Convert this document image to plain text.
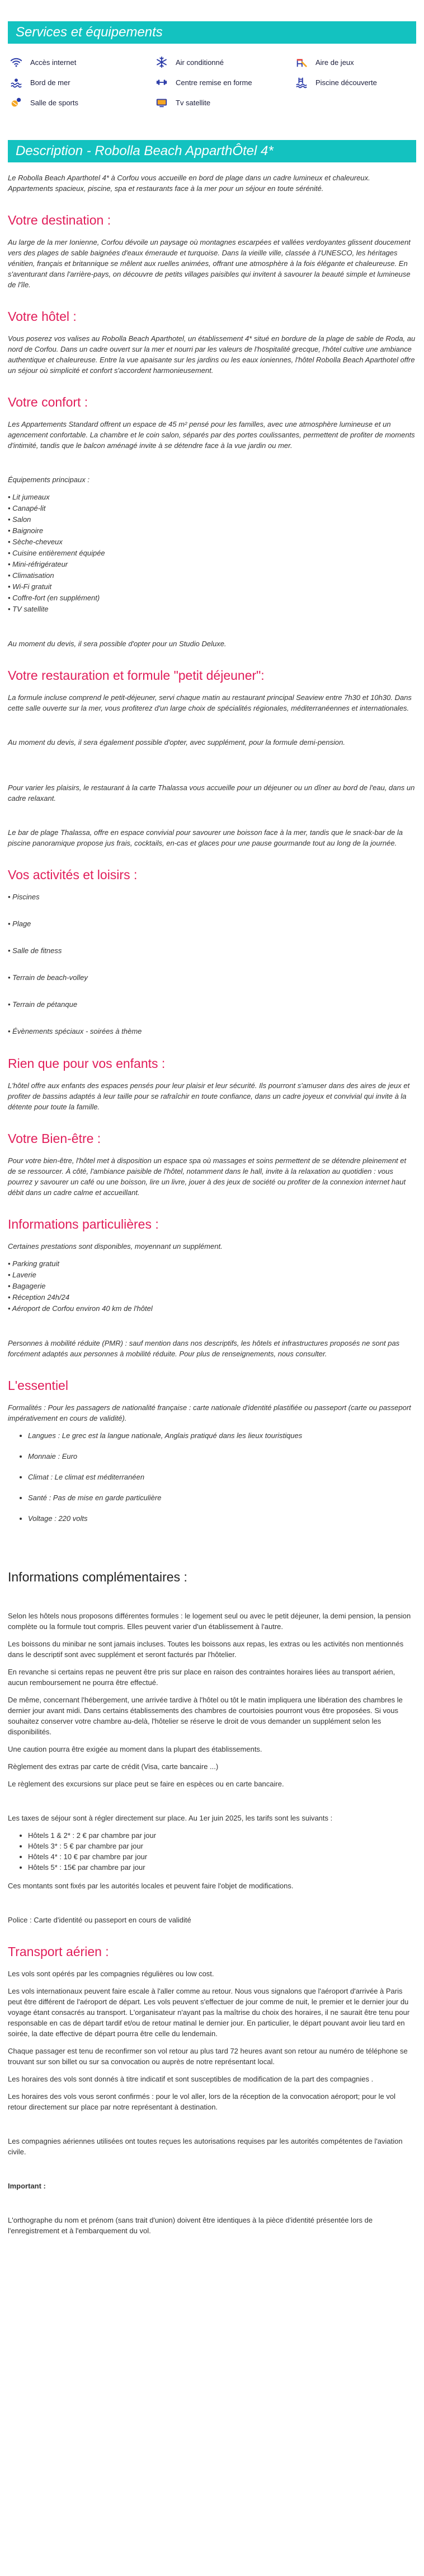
Services et équipements
Accès internet	Air conditionné	Aire de jeux
Bord de mer	Centre remise en forme	Piscine découverte
Salle de sports	Tv satellite
Description - Robolla Beach ApparthÔtel 4*

Le Robolla Beach Aparthotel 4* à Corfou vous accueille en bord de plage dans un cadre lumineux et chaleureux. Appartements spacieux, piscine, spa et restaurants face à la mer pour un séjour en toute sérénité.

Votre destination :

Au large de la mer Ionienne, Corfou dévoile un paysage où montagnes escarpées et vallées verdoyantes glissent doucement vers des plages de sable baignées d'eaux émeraude et turquoise. Dans la vieille ville, classée à l'UNESCO, les héritages vénitien, français et britannique se mêlent aux ruelles animées, offrant une atmosphère à la fois élégante et chaleureuse. En s'aventurant dans l'arrière-pays, on découvre de petits villages paisibles qui invitent à savourer la beauté simple et lumineuse de l'île.

Votre hôtel :

Vous poserez vos valises au Robolla Beach Aparthotel, un établissement 4* situé en bordure de la plage de sable de Roda, au nord de Corfou. Dans un cadre ouvert sur la mer et nourri par les valeurs de l'hospitalité grecque, l'hôtel cultive une ambiance authentique et chaleureuse. Entre la vue apaisante sur les jardins ou les eaux ioniennes, l'hôtel Robolla Beach Aparthotel offre un séjour où simplicité et confort s'accordent harmonieusement.

Votre confort :

Les Appartements Standard offrent un espace de 45 m² pensé pour les familles, avec une atmosphère lumineuse et un agencement confortable. La chambre et le coin salon, séparés par des portes coulissantes, permettent de profiter de moments d'intimité, tandis que le balcon aménagé invite à se détendre face à la vue jardin ou mer.

Équipements principaux :

• Lit jumeaux
• Canapé-lit
• Salon
• Baignoire
• Sèche-cheveux
• Cuisine entièrement équipée
• Mini-réfrigérateur
• Climatisation
• Wi-Fi gratuit
• Coffre-fort (en supplément)
• TV satellite

Au moment du devis, il sera possible d'opter pour un Studio Deluxe.

Votre restauration et formule "petit déjeuner":

La formule incluse comprend le petit-déjeuner, servi chaque matin au restaurant principal Seaview entre 7h30 et 10h30. Dans cette salle ouverte sur la mer, vous profiterez d'un large choix de spécialités régionales, méditerranéennes et internationales.

Au moment du devis, il sera également possible d'opter, avec supplément, pour la formule demi-pension.

Pour varier les plaisirs, le restaurant à la carte Thalassa vous accueille pour un déjeuner ou un dîner au bord de l'eau, dans un cadre relaxant.

Le bar de plage Thalassa, offre en espace convivial pour savourer une boisson face à la mer, tandis que le snack-bar de la piscine panoramique propose jus frais, cocktails, en-cas et glaces pour une pause gourmande tout au long de la journée.

Vos activités et loisirs :
• Piscines
• Plage
• Salle de fitness
• Terrain de beach-volley
• Terrain de pétanque
• Évènements spéciaux - soirées à thème
Rien que pour vos enfants :

L'hôtel offre aux enfants des espaces pensés pour leur plaisir et leur sécurité. Ils pourront s'amuser dans des aires de jeux et profiter de bassins adaptés à leur taille pour se rafraîchir en toute confiance, dans un cadre joyeux et convivial qui invite à la détente pour toute la famille.

Votre Bien-être :

Pour votre bien-être, l'hôtel met à disposition un espace spa où massages et soins permettent de se détendre pleinement et de se ressourcer. À côté, l'ambiance paisible de l'hôtel, notamment dans le hall, invite à la relaxation au quotidien : vous pourrez y savourer un café ou une boisson, lire un livre, jouer à des jeux de société ou profiter de la connexion internet haut débit dans un cadre calme et accueillant.

Informations particulières :

Certaines prestations sont disponibles, moyennant un supplément.

• Parking gratuit
• Laverie
• Bagagerie
• Réception 24h/24
• Aéroport de Corfou environ 40 km de l'hôtel

Personnes à mobilité réduite (PMR) : sauf mention dans nos descriptifs, les hôtels et infrastructures proposés ne sont pas forcément adaptés aux personnes à mobilité réduite. Pour plus de renseignements, nous consulter.

L'essentiel

Formalités : Pour les passagers de nationalité française : carte nationale d'identité plastifiée ou passeport (carte ou passeport impérativement en cours de validité).

• Langues : Le grec est la langue nationale, Anglais pratiqué dans les lieux touristiques
• Monnaie : Euro
• Climat : Le climat est méditerranéen
• Santé : Pas de mise en garde particulière
• Voltage : 220 volts
Informations complémentaires :

Selon les hôtels nous proposons différentes formules : le logement seul ou avec le petit déjeuner, la demi pension, la pension complète ou la formule tout compris. Elles peuvent varier d'un établissement à l'autre.

Les boissons du minibar ne sont jamais incluses. Toutes les boissons aux repas, les extras ou les activités non mentionnés dans le descriptif sont avec supplément et seront facturés par l'hôtelier.

En revanche si certains repas ne peuvent être pris sur place en raison des contraintes horaires liées au transport aérien, aucun remboursement ne pourra être effectué.

De même, concernant l'hébergement, une arrivée tardive à l'hôtel ou tôt le matin impliquera une libération des chambres le dernier jour avant midi. Dans certains établissements des chambres de courtoisies pourront vous être proposées. Si vous souhaitez conserver votre chambre au-delà, l'hôtelier se réserve le droit de vous demander un supplément selon les disponibilités.

Une caution pourra être exigée au moment dans la plupart des établissements.

Règlement des extras par carte de crédit (Visa, carte bancaire ...)

Le règlement des excursions sur place peut se faire en espèces ou en carte bancaire.

Les taxes de séjour sont à régler directement sur place. Au 1er juin 2025, les tarifs sont les suivants :

• Hôtels 1 & 2* : 2 € par chambre par jour
• Hôtels 3* : 5 € par chambre par jour
• Hôtels 4* : 10 € par chambre par jour
• Hôtels 5* : 15€ par chambre par jour

Ces montants sont fixés par les autorités locales et peuvent faire l'objet de modifications.

Police : Carte d'identité ou passeport en cours de validité

Transport aérien :

Les vols sont opérés par les compagnies régulières ou low cost.

Les vols internationaux peuvent faire escale à l'aller comme au retour. Nous vous signalons que l'aéroport d'arrivée à Paris peut être différent de l'aéroport de départ. Les vols peuvent s'effectuer de jour comme de nuit, le premier et le dernier jour du voyage étant consacrés au transport. L'organisateur n'ayant pas la maîtrise du choix des horaires, il ne saurait être tenu pour responsable en cas de départ tardif et/ou de retour matinal le dernier jour. En particulier, le départ pouvant avoir lieu tard en soirée, la date effective de départ pourra être celle du lendemain.

Chaque passager est tenu de reconfirmer son vol retour au plus tard 72 heures avant son retour au numéro de téléphone se trouvant sur son billet ou sur sa convocation ou auprès de notre représentant local.

Les horaires des vols sont donnés à titre indicatif et sont susceptibles de modification de la part des compagnies .

Les horaires des vols vous seront confirmés : pour le vol aller, lors de la réception de la convocation aéroport; pour le vol retour directement sur place par notre représentant à destination.

Les compagnies aériennes utilisées ont toutes reçues les autorisations requises par les autorités compétentes de l'aviation civile.

Important :

L'orthographe du nom et prénom (sans trait d'union) doivent être identiques à la pièce d'identité présentée lors de l'enregistrement et à l'embarquement du vol.
